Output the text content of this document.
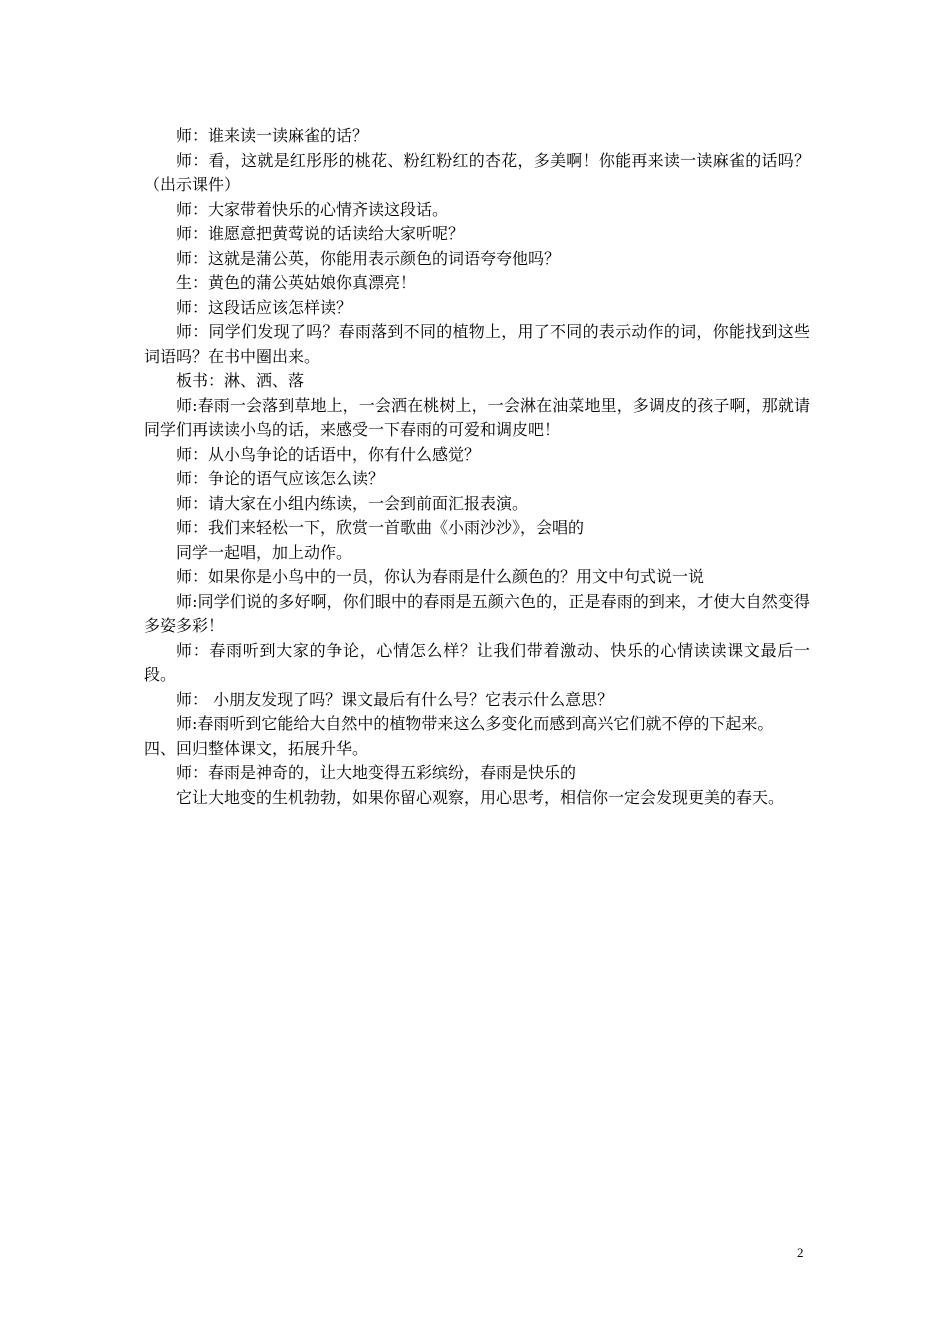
师：谁来读一读麻雀的话？

师：看，这就是红彤彤的桃花、粉红粉红的杏花，多美啊！你能再来读一读麻雀的话吗？（出示课件）

师：大家带着快乐的心情齐读这段话。

师：谁愿意把黄莺说的话读给大家听呢？

师：这就是蒲公英，你能用表示颜色的词语夸夸他吗？

生：黄色的蒲公英姑娘你真漂亮！

师：这段话应该怎样读？

师：同学们发现了吗？春雨落到不同的植物上，用了不同的表示动作的词，你能找到这些词语吗？在书中圈出来。

板书：淋、洒、落

师:春雨一会落到草地上，一会洒在桃树上，一会淋在油菜地里，多调皮的孩子啊，那就请同学们再读读小鸟的话，来感受一下春雨的可爱和调皮吧！

师：从小鸟争论的话语中，你有什么感觉？

师：争论的语气应该怎么读？

师：请大家在小组内练读，一会到前面汇报表演。

师：我们来轻松一下，欣赏一首歌曲《小雨沙沙》，会唱的

同学一起唱，加上动作。

师：如果你是小鸟中的一员，你认为春雨是什么颜色的？用文中句式说一说

师:同学们说的多好啊，你们眼中的春雨是五颜六色的，正是春雨的到来，才使大自然变得多姿多彩！

师：春雨听到大家的争论，心情怎么样？让我们带着激动、快乐的心情读读课文最后一段。

师： 小朋友发现了吗？课文最后有什么号？它表示什么意思？

师:春雨听到它能给大自然中的植物带来这么多变化而感到高兴它们就不停的下起来。

四、回归整体课文，拓展升华。

师：春雨是神奇的，让大地变得五彩缤纷，春雨是快乐的

它让大地变的生机勃勃，如果你留心观察，用心思考，相信你一定会发现更美的春天。

2
